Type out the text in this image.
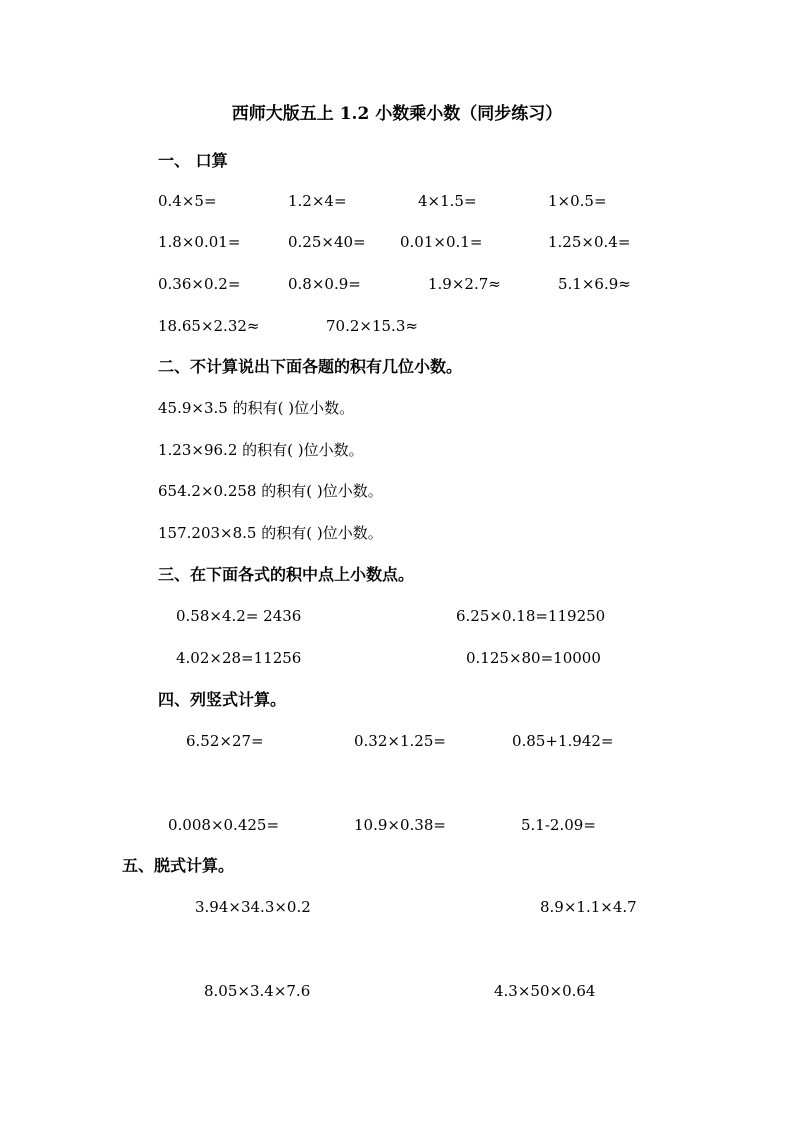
西师大版五上 1.2 小数乘小数（同步练习）
一、 口算
0.4×5=	1.2×4=	4×1.5=	1×0.5=
1.8×0.01=	0.25×40= 0.01×0.1=	1.25×0.4=
0.36×0.2=	0.8×0.9=	1.9×2.7≈	5.1×6.9≈
18.65×2.32≈	70.2×15.3≈
二、不计算说出下面各题的积有几位小数。
45.9×3.5 的积有( )位小数。
1.23×96.2 的积有( )位小数。
654.2×0.258 的积有( )位小数。
157.203×8.5 的积有( )位小数。
三、在下面各式的积中点上小数点。
0.58×4.2= 2436	6.25×0.18=119250
4.02×28=11256	0.125×80=10000
四、列竖式计算。
6.52×27=	0.32×1.25=	0.85+1.942=
0.008×0.425=	10.9×0.38=	5.1-2.09=
五、脱式计算。
3.94×34.3×0.2	8.9×1.1×4.7
8.05×3.4×7.6	4.3×50×0.64
